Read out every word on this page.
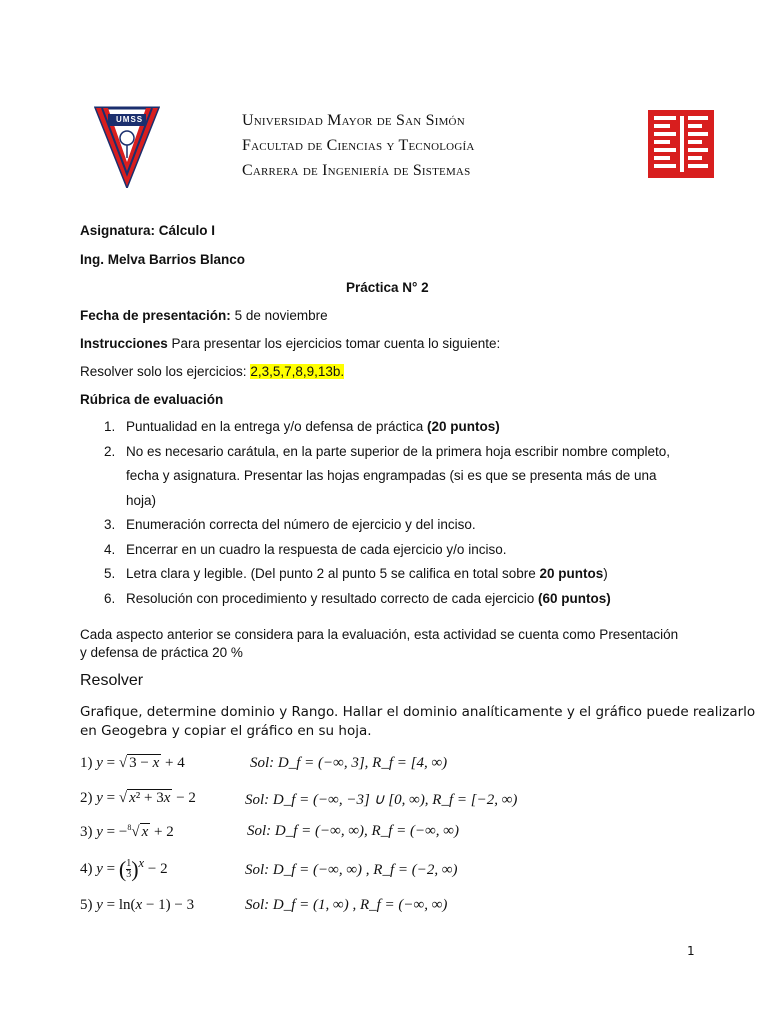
UMSS	Universidad Mayor de San Simón
Facultad de Ciencias y Tecnología
Carrera de Ingeniería de Sistemas
Asignatura: Cálculo I
Ing. Melva Barrios Blanco
Práctica N° 2
Fecha de presentación: 5 de noviembre
Instrucciones Para presentar los ejercicios tomar cuenta lo siguiente:
Resolver solo los ejercicios: 2,3,5,7,8,9,13b.
Rúbrica de evaluación
1. Puntualidad en la entrega y/o defensa de práctica (20 puntos)
2. No es necesario carátula, en la parte superior de la primera hoja escribir nombre completo,
fecha y asignatura. Presentar las hojas engrampadas (si es que se presenta más de una
hoja)
3. Enumeración correcta del número de ejercicio y del inciso.
4. Encerrar en un cuadro la respuesta de cada ejercicio y/o inciso.
5. Letra clara y legible. (Del punto 2 al punto 5 se califica en total sobre 20 puntos)
6. Resolución con procedimiento y resultado correcto de cada ejercicio (60 puntos)
Cada aspecto anterior se considera para la evaluación, esta actividad se cuenta como Presentación
y defensa de práctica 20 %
Resolver
Grafique, determine dominio y Rango. Hallar el dominio analíticamente y el gráfico puede realizarlo
en Geogebra y copiar el gráfico en su hoja.
1) y = √ 3 − x + 4	Sol: D_f = (−∞, 3], R_f = [4, ∞)
2) y = √ x² + 3x − 2	Sol: D_f = (−∞, −3] ∪ [0, ∞), R_f = [−2, ∞)
3) y = −$^8$√ x + 2	Sol: D_f = (−∞, ∞), R_f = (−∞, ∞)
4) y = ( $\frac{1}{3} )^x - 2$	Sol: D_f = (−∞, ∞) , R_f = (−2, ∞)
5) y = ln(x − 1) − 3	Sol: D_f = (1, ∞) , R_f = (−∞, ∞)
1
